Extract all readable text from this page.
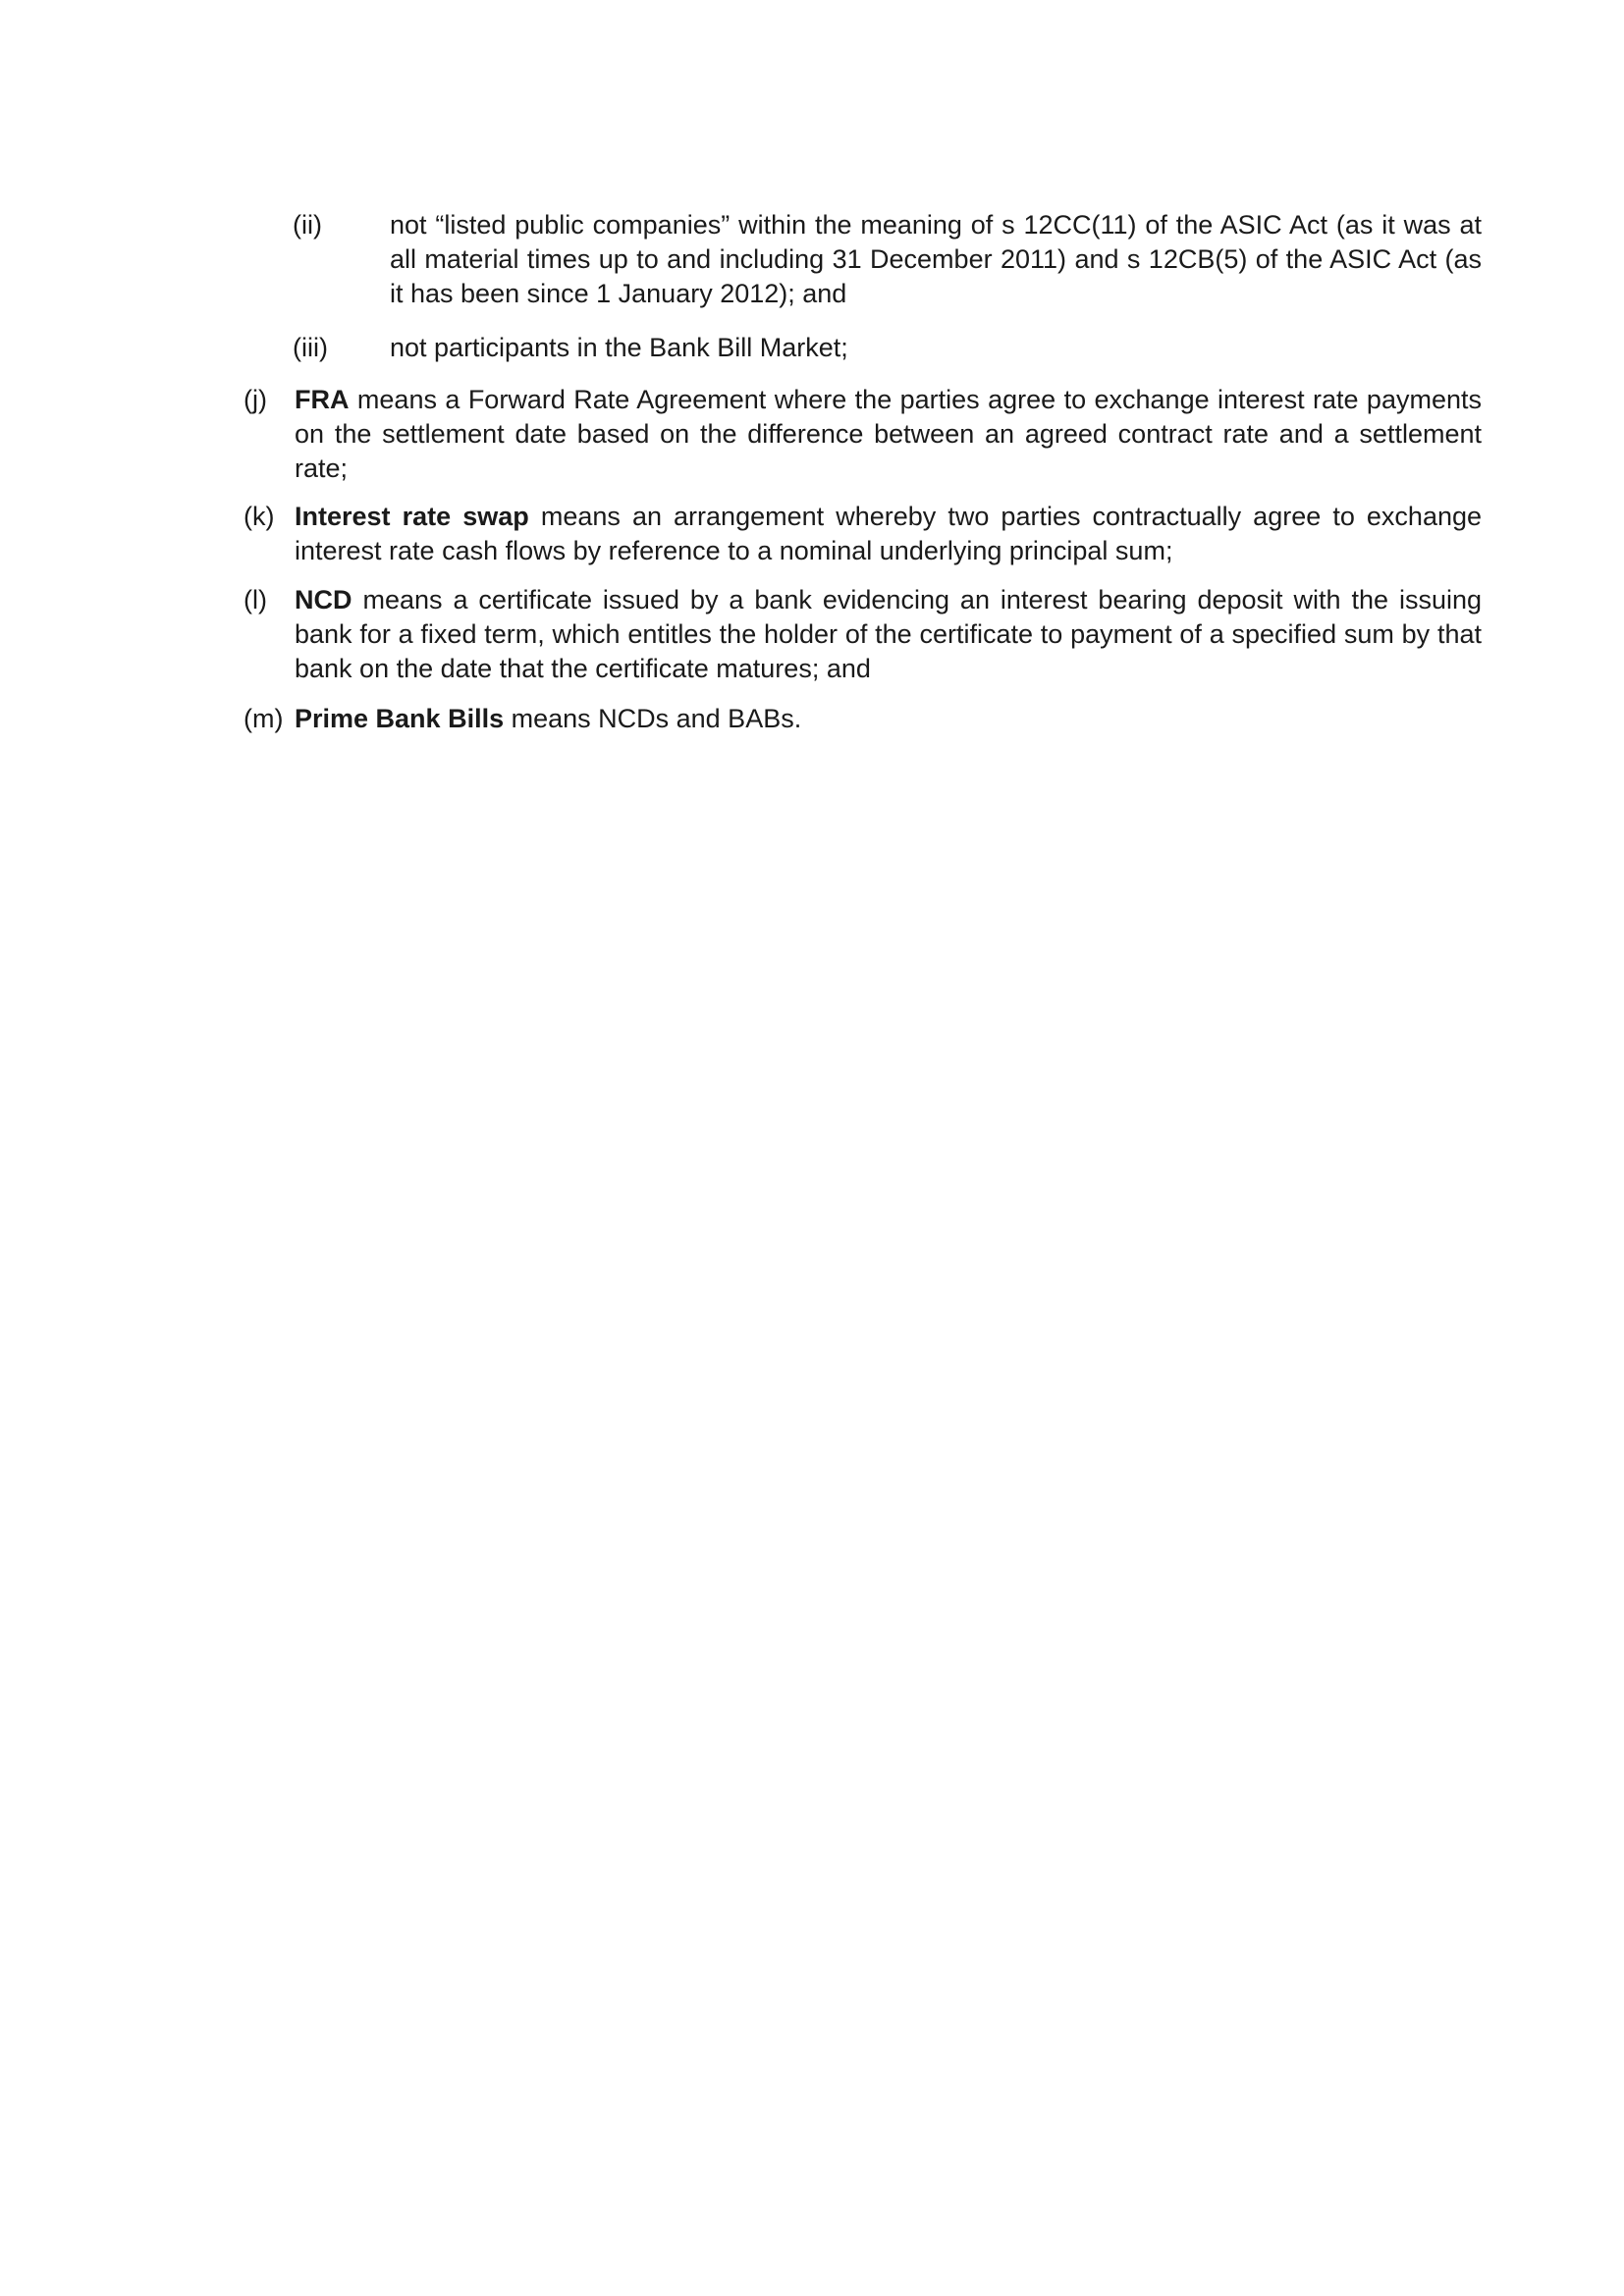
(ii)	not “listed public companies” within the meaning of s 12CC(11) of the ASIC Act (as it was at all material times up to and including 31 December 2011) and s 12CB(5) of the ASIC Act (as it has been since 1 January 2012); and
(iii) not participants in the Bank Bill Market;
(j) FRA means a Forward Rate Agreement where the parties agree to exchange interest rate payments on the settlement date based on the difference between an agreed contract rate and a settlement rate;
(k) Interest rate swap means an arrangement whereby two parties contractually agree to exchange interest rate cash flows by reference to a nominal underlying principal sum;
(l) NCD means a certificate issued by a bank evidencing an interest bearing deposit with the issuing bank for a fixed term, which entitles the holder of the certificate to payment of a specified sum by that bank on the date that the certificate matures; and
(m) Prime Bank Bills means NCDs and BABs.
